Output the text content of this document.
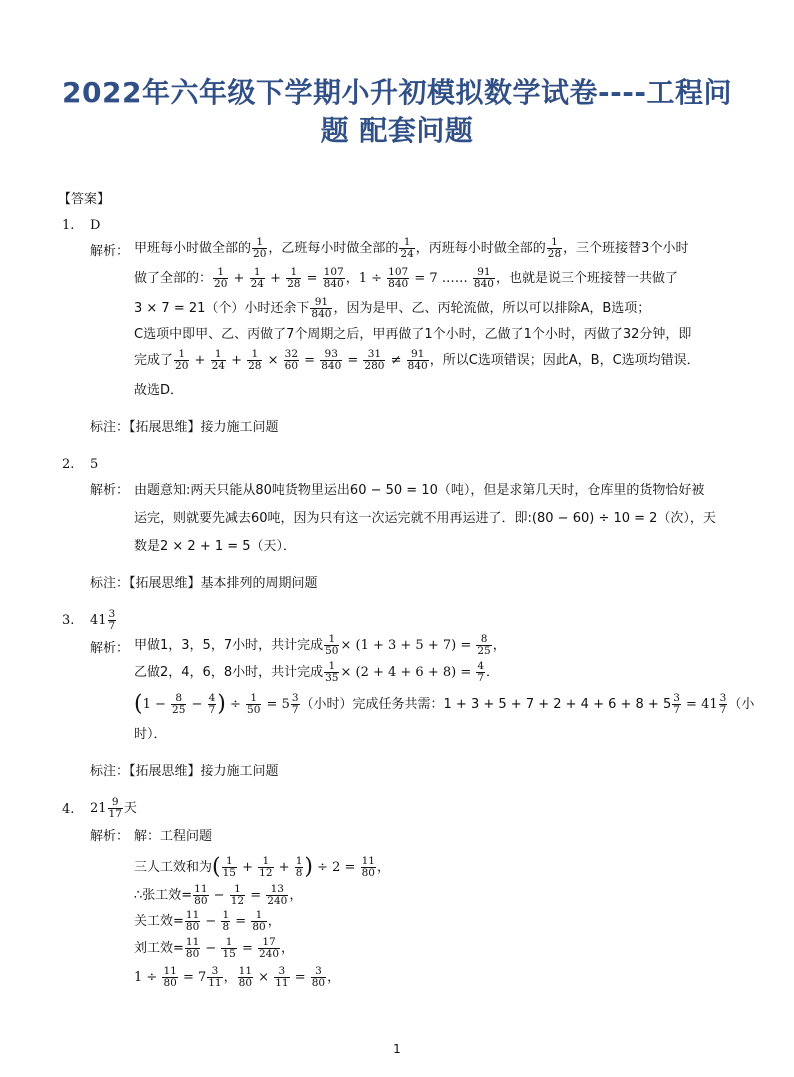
2022年六年级下学期小升初模拟数学试卷----工程问
题 配套问题
【答案】
1. D
解析： 甲班每小时做全部的 $\frac{1}{20}$ ，乙班每小时做全部的 $\frac{1}{24}$ ，丙班每小时做全部的 $\frac{1}{28}$ ，三个班接替3个小时
做了全部的： $\frac{1}{20} + \frac{1}{24} + \frac{1}{28} = \frac{107}{840}$ ，$1 \div \frac{107}{840} = 7$ …… $\frac{91}{840}$ ，也就是说三个班接替一共做了
3 × 7 = 21（个）小时还余下 $\frac{91}{840}$ ，因为是甲、乙、丙轮流做，所以可以排除A，B选项；
C选项中即甲、乙、丙做了7个周期之后，甲再做了1个小时，乙做了1个小时，丙做了32分钟，即
完成了 $\frac{1}{20} + \frac{1}{24} + \frac{1}{28} \times \frac{32}{60} = \frac{93}{840} = \frac{31}{280} \ne \frac{91}{840}$ ，所以C选项错误；因此A，B，C选项均错误．
故选D．
标注：【拓展思维】接力施工问题
2. 5
解析： 由题意知:两天只能从80吨货物里运出60 − 50 = 10（吨），但是求第几天时，仓库里的货物恰好被
运完，则就要先减去60吨，因为只有这一次运完就不用再运进了．即:(80 − 60) ÷ 10 = 2（次），天
数是2 × 2 + 1 = 5（天）．
标注：【拓展思维】基本排列的周期问题
3. $41 \frac{3}{7}$
解析： 甲做1，3，5，7小时，共计完成 $\frac{1}{50} \times (1 + 3 + 5 + 7) = \frac{8}{25}$ ，
乙做2，4，6，8小时，共计完成 $\frac{1}{35} \times (2 + 4 + 6 + 8) = \frac{4}{7}$ ．
($1 - \frac{8}{25} - \frac{4}{7}$ ) ÷ $\frac{1}{50} = 5 \frac{3}{7}$ （小时）完成任务共需：$1 + 3 + 5 + 7 + 2 + 4 + 6 + 8 + 5 \frac{3}{7} = 41 \frac{3}{7}$ （小
时）．
标注：【拓展思维】接力施工问题
4. $21 \frac{9}{17}$ 天
解析： 解：工程问题
三人工效和为( $\frac{1}{15} + \frac{1}{12} + \frac{1}{8}$ ) ÷ $2 = \frac{11}{80}$ ，
∴张工效= $\frac{11}{80} - \frac{1}{12} = \frac{13}{240}$ ，
关工效= $\frac{11}{80} - \frac{1}{8} = \frac{1}{80}$ ，
刘工效= $\frac{11}{80} - \frac{1}{15} = \frac{17}{240}$ ，
$1 \div \frac{11}{80} = 7 \frac{3}{11}$ ， $\frac{11}{80} \times \frac{3}{11} = \frac{3}{80}$ ，
1
